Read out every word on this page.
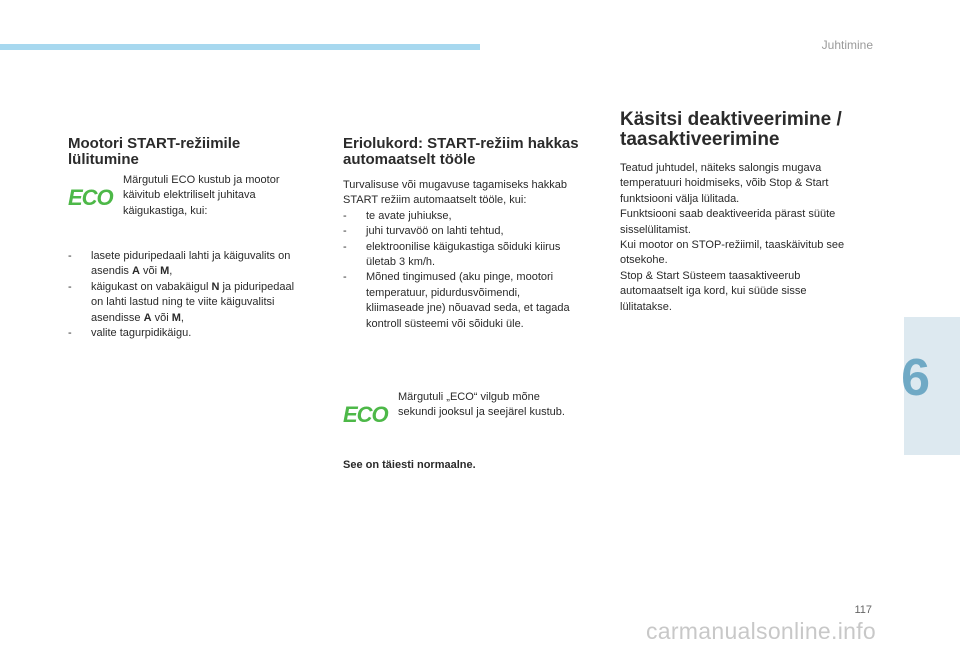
Juhtimine
6
Mootori START-režiimile
lülitumine
ECO
Märgutuli ECO kustub ja mootor
käivitub elektriliselt juhitava
käigukastiga, kui:
- lasete piduripedaali lahti ja käiguvalits on
asendis A või M,
- käigukast on vabakäigul N ja piduripedaal
on lahti lastud ning te viite käiguvalitsi
asendisse A või M,
- valite tagurpidikäigu.
Eriolukord: START-režiim hakkas
automaatselt tööle
Turvalisuse või mugavuse tagamiseks hakkab
START režiim automaatselt tööle, kui:
- te avate juhiukse,
- juhi turvavöö on lahti tehtud,
- elektroonilise käigukastiga sõiduki kiirus
ületab 3 km/h.
- Mõned tingimused (aku pinge, mootori
temperatuur, pidurdusvõimendi,
kliimaseade jne) nõuavad seda, et tagada
kontroll süsteemi või sõiduki üle.
ECO
Märgutuli „ECO“ vilgub mõne
sekundi jooksul ja seejärel kustub.
See on täiesti normaalne.
Käsitsi deaktiveerimine /
taasaktiveerimine
Teatud juhtudel, näiteks salongis mugava
temperatuuri hoidmiseks, võib Stop & Start
funktsiooni välja lülitada.
Funktsiooni saab deaktiveerida pärast süüte
sisselülitamist.
Kui mootor on STOP-režiimil, taaskäivitub see
otsekohe.
Stop & Start Süsteem taasaktiveerub
automaatselt iga kord, kui süüde sisse
lülitatakse.
117
carmanualsonline.info
